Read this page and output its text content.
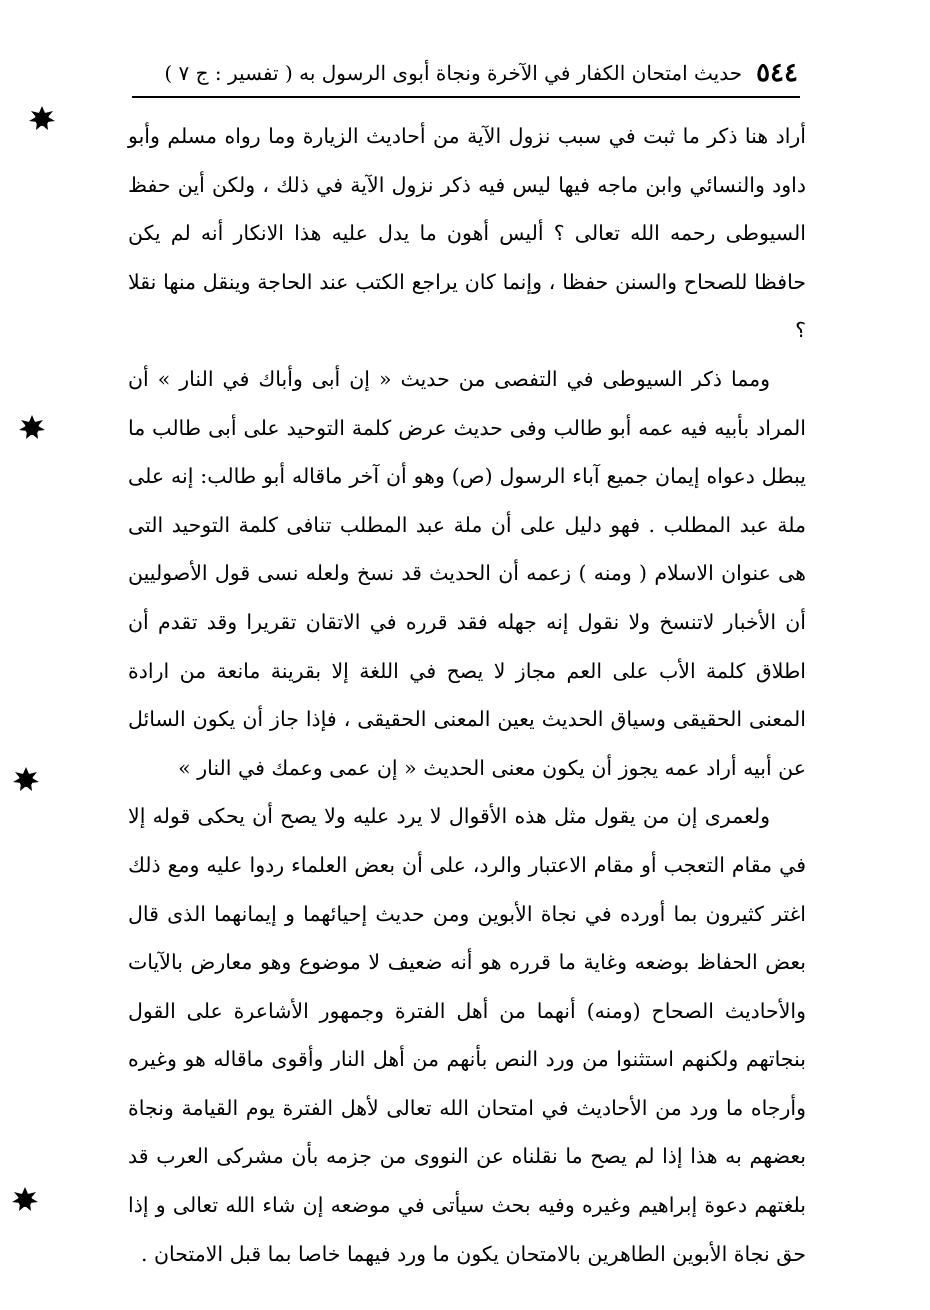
٥٤٤
حديث امتحان الكفار في الآخرة ونجاة أبوى الرسول به ( تفسير : ج ٧ )

أراد هنا ذكر ما ثبت في سبب نزول الآية من أحاديث الزيارة وما رواه مسلم وأبو داود والنسائي وابن ماجه فيها ليس فيه ذكر نزول الآية في ذلك ، ولكن أين حفظ السيوطى رحمه الله تعالى ؟ أليس أهون ما يدل عليه هذا الانكار أنه لم يكن حافظا للصحاح والسنن حفظا ، وإنما كان يراجع الكتب عند الحاجة وينقل منها نقلا ؟

ومما ذكر السيوطى في التفصى من حديث « إن أبى وأباك في النار » أن المراد بأبيه فيه عمه أبو طالب وفى حديث عرض كلمة التوحيد على أبى طالب ما يبطل دعواه إيمان جميع آباء الرسول (ص) وهو أن آخر ماقاله أبو طالب: إنه على ملة عبد المطلب . فهو دليل على أن ملة عبد المطلب تنافى كلمة التوحيد التى هى عنوان الاسلام ( ومنه ) زعمه أن الحديث قد نسخ ولعله نسى قول الأصوليين أن الأخبار لاتنسخ ولا نقول إنه جهله فقد قرره في الاتقان تقريرا وقد تقدم أن اطلاق كلمة الأب على العم مجاز لا يصح في اللغة إلا بقرينة مانعة من ارادة المعنى الحقيقى وسياق الحديث يعين المعنى الحقيقى ، فإذا جاز أن يكون السائل عن أبيه أراد عمه يجوز أن يكون معنى الحديث « إن عمى وعمك في النار »

ولعمرى إن من يقول مثل هذه الأقوال لا يرد عليه ولا يصح أن يحكى قوله إلا في مقام التعجب أو مقام الاعتبار والرد، على أن بعض العلماء ردوا عليه ومع ذلك اغتر كثيرون بما أورده في نجاة الأبوين ومن حديث إحيائهما و إيمانهما الذى قال بعض الحفاظ بوضعه وغاية ما قرره هو أنه ضعيف لا موضوع وهو معارض بالآيات والأحاديث الصحاح (ومنه) أنهما من أهل الفترة وجمهور الأشاعرة على القول بنجاتهم ولكنهم استثنوا من ورد النص بأنهم من أهل النار وأقوى ماقاله هو وغيره وأرجاه ما ورد من الأحاديث في امتحان الله تعالى لأهل الفترة يوم القيامة ونجاة بعضهم به هذا إذا لم يصح ما نقلناه عن النووى من جزمه بأن مشركى العرب قد بلغتهم دعوة إبراهيم وغيره وفيه بحث سيأتى في موضعه إن شاء الله تعالى و إذا حق نجاة الأبوين الطاهرين بالامتحان يكون ما ورد فيهما خاصا بما قبل الامتحان .
